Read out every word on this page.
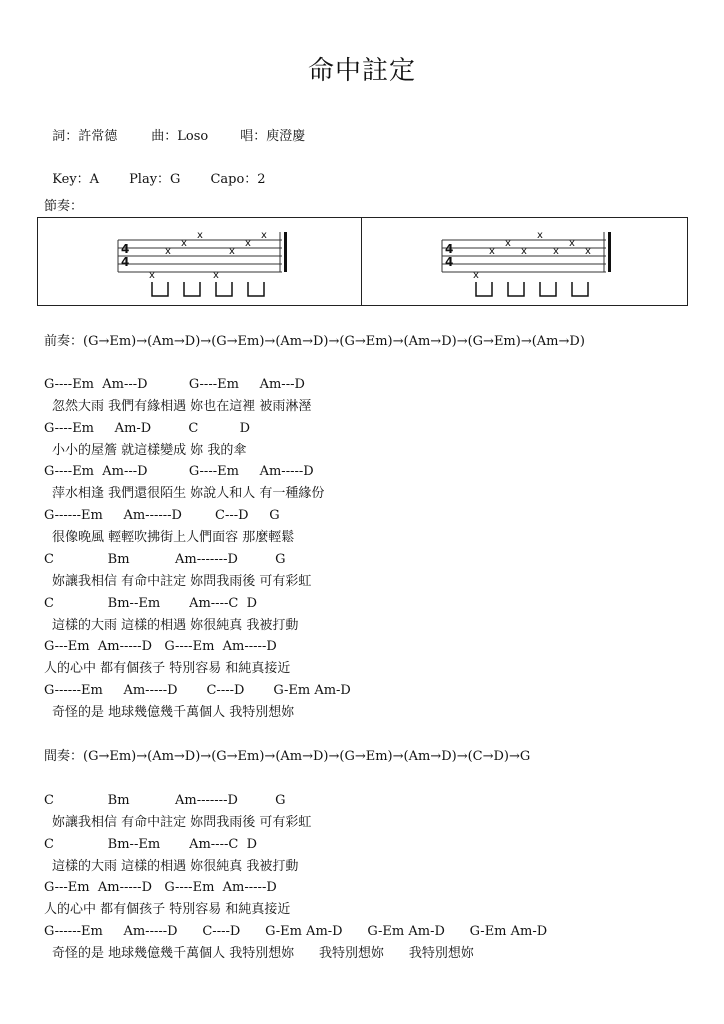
命中註定

詞：許常德	曲：Loso 唱：庾澄慶

Key：A Play：G Capo：2

節奏：
4
4
x
x
x
x
x
x
x
x
4
4
x
x
x
x
x
x
x
x
前奏：(G→Em)→(Am→D)→(G→Em)→(Am→D)→(G→Em)→(Am→D)→(G→Em)→(Am→D)
G----Em  Am---D          G----Em     Am---D
忽然大雨 我們有緣相遇 妳也在這裡 被雨淋溼
G----Em     Am-D         C          D
小小的屋簷 就這樣變成 妳 我的傘
G----Em  Am---D          G----Em     Am-----D
萍水相逢 我們還很陌生 妳說人和人 有一種緣份
G------Em     Am------D        C---D     G
很像晚風 輕輕吹拂街上人們面容 那麼輕鬆
C             Bm           Am-------D         G
妳讓我相信 有命中註定 妳問我雨後 可有彩虹
C             Bm--Em       Am----C  D
這樣的大雨 這樣的相遇 妳很純真 我被打動
G---Em  Am-----D   G----Em  Am-----D
人的心中 都有個孩子 特別容易 和純真接近
G------Em     Am-----D       C----D       G-Em Am-D
奇怪的是 地球幾億幾千萬個人 我特別想妳
間奏：(G→Em)→(Am→D)→(G→Em)→(Am→D)→(G→Em)→(Am→D)→(C→D)→G
C             Bm           Am-------D         G
妳讓我相信 有命中註定 妳問我雨後 可有彩虹
C             Bm--Em       Am----C  D
這樣的大雨 這樣的相遇 妳很純真 我被打動
G---Em  Am-----D   G----Em  Am-----D
人的心中 都有個孩子 特別容易 和純真接近
G------Em     Am-----D      C----D      G-Em Am-D      G-Em Am-D      G-Em Am-D
奇怪的是 地球幾億幾千萬個人 我特別想妳      我特別想妳      我特別想妳
